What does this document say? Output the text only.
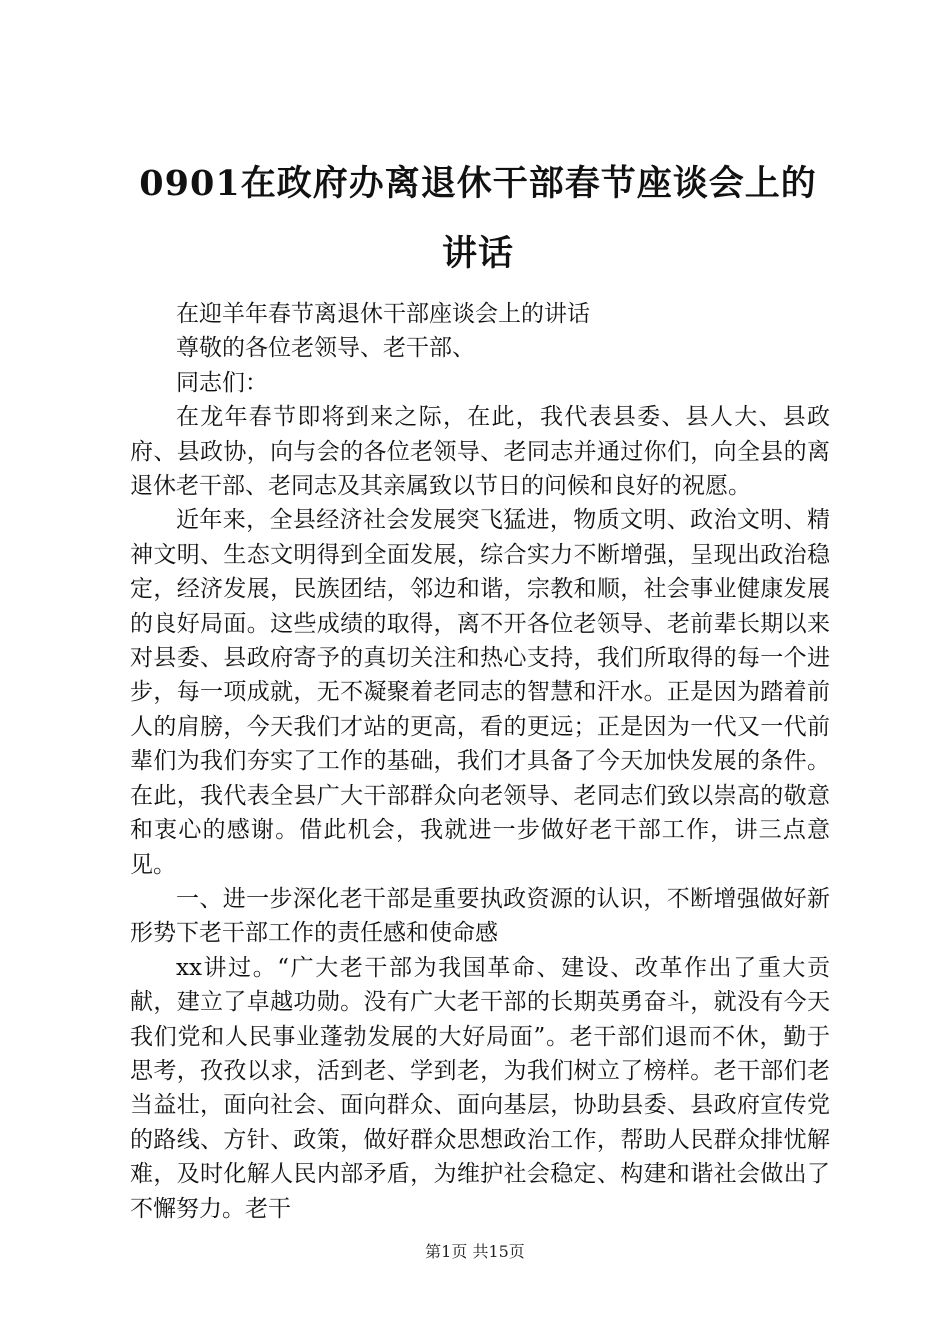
0901在政府办离退休干部春节座谈会上的讲话

在迎羊年春节离退休干部座谈会上的讲话

尊敬的各位老领导、老干部、

同志们：

在龙年春节即将到来之际，在此，我代表县委、县人大、县政府、县政协，向与会的各位老领导、老同志并通过你们，向全县的离退休老干部、老同志及其亲属致以节日的问候和良好的祝愿。

近年来，全县经济社会发展突飞猛进，物质文明、政治文明、精神文明、生态文明得到全面发展，综合实力不断增强，呈现出政治稳定，经济发展，民族团结，邻边和谐，宗教和顺，社会事业健康发展的良好局面。这些成绩的取得，离不开各位老领导、老前辈长期以来对县委、县政府寄予的真切关注和热心支持，我们所取得的每一个进步，每一项成就，无不凝聚着老同志的智慧和汗水。正是因为踏着前人的肩膀，今天我们才站的更高，看的更远；正是因为一代又一代前辈们为我们夯实了工作的基础，我们才具备了今天加快发展的条件。在此，我代表全县广大干部群众向老领导、老同志们致以崇高的敬意和衷心的感谢。借此机会，我就进一步做好老干部工作，讲三点意见。

一、进一步深化老干部是重要执政资源的认识，不断增强做好新形势下老干部工作的责任感和使命感

xx讲过。“广大老干部为我国革命、建设、改革作出了重大贡献，建立了卓越功勋。没有广大老干部的长期英勇奋斗，就没有今天我们党和人民事业蓬勃发展的大好局面”。老干部们退而不休，勤于思考，孜孜以求，活到老、学到老，为我们树立了榜样。老干部们老当益壮，面向社会、面向群众、面向基层，协助县委、县政府宣传党的路线、方针、政策，做好群众思想政治工作，帮助人民群众排忧解难，及时化解人民内部矛盾，为维护社会稳定、构建和谐社会做出了不懈努力。老干

第1页 共15页
